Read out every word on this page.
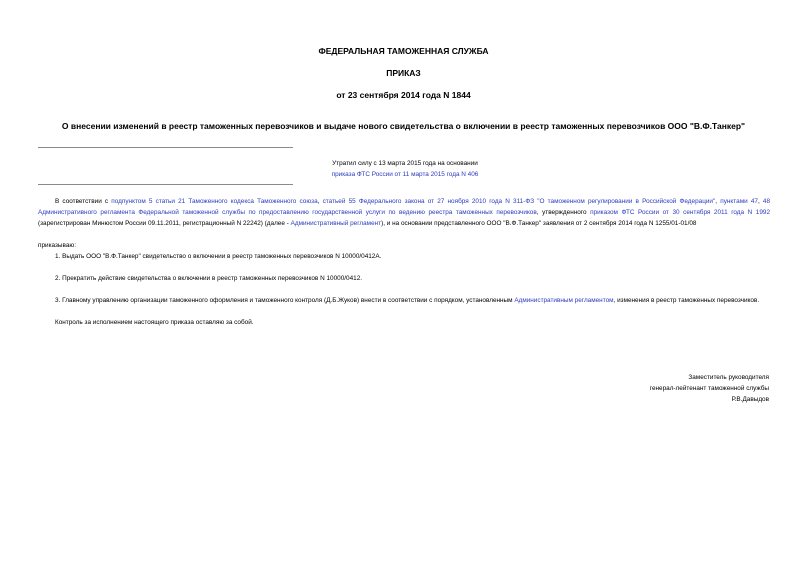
ФЕДЕРАЛЬНАЯ ТАМОЖЕННАЯ СЛУЖБА
ПРИКАЗ
от 23 сентября 2014 года N 1844
О внесении изменений в реестр таможенных перевозчиков и выдаче нового свидетельства о включении в реестр таможенных перевозчиков ООО "В.Ф.Танкер"
Утратил силу с 13 марта 2015 года на основании
приказа ФТС России от 11 марта 2015 года N 406

В соответствии с подпунктом 5 статьи 21 Таможенного кодекса Таможенного союза, статьей 55 Федерального закона от 27 ноября 2010 года N 311-ФЗ "О таможенном регулировании в Российской Федерации", пунктами 47, 48 Административного регламента Федеральной таможенной службы по предоставлению государственной услуги по ведению реестра таможенных перевозчиков, утвержденного приказом ФТС России от 30 сентября 2011 года N 1992 (зарегистрирован Минюстом России 09.11.2011, регистрационный N 22242) (далее - Административный регламент), и на основании представленного ООО "В.Ф.Танкер" заявления от 2 сентября 2014 года N 1255/01-01/08

приказываю:

1. Выдать ООО "В.Ф.Танкер" свидетельство о включении в реестр таможенных перевозчиков N 10000/0412А.

2. Прекратить действие свидетельства о включении в реестр таможенных перевозчиков N 10000/0412.

3. Главному управлению организации таможенного оформления и таможенного контроля (Д.Б.Жуков) внести в соответствии с порядком, установленным Административным регламентом, изменения в реестр таможенных перевозчиков.

Контроль за исполнением настоящего приказа оставляю за собой.

Заместитель руководителя
генерал-лейтенант таможенной службы
Р.В.Давыдов
